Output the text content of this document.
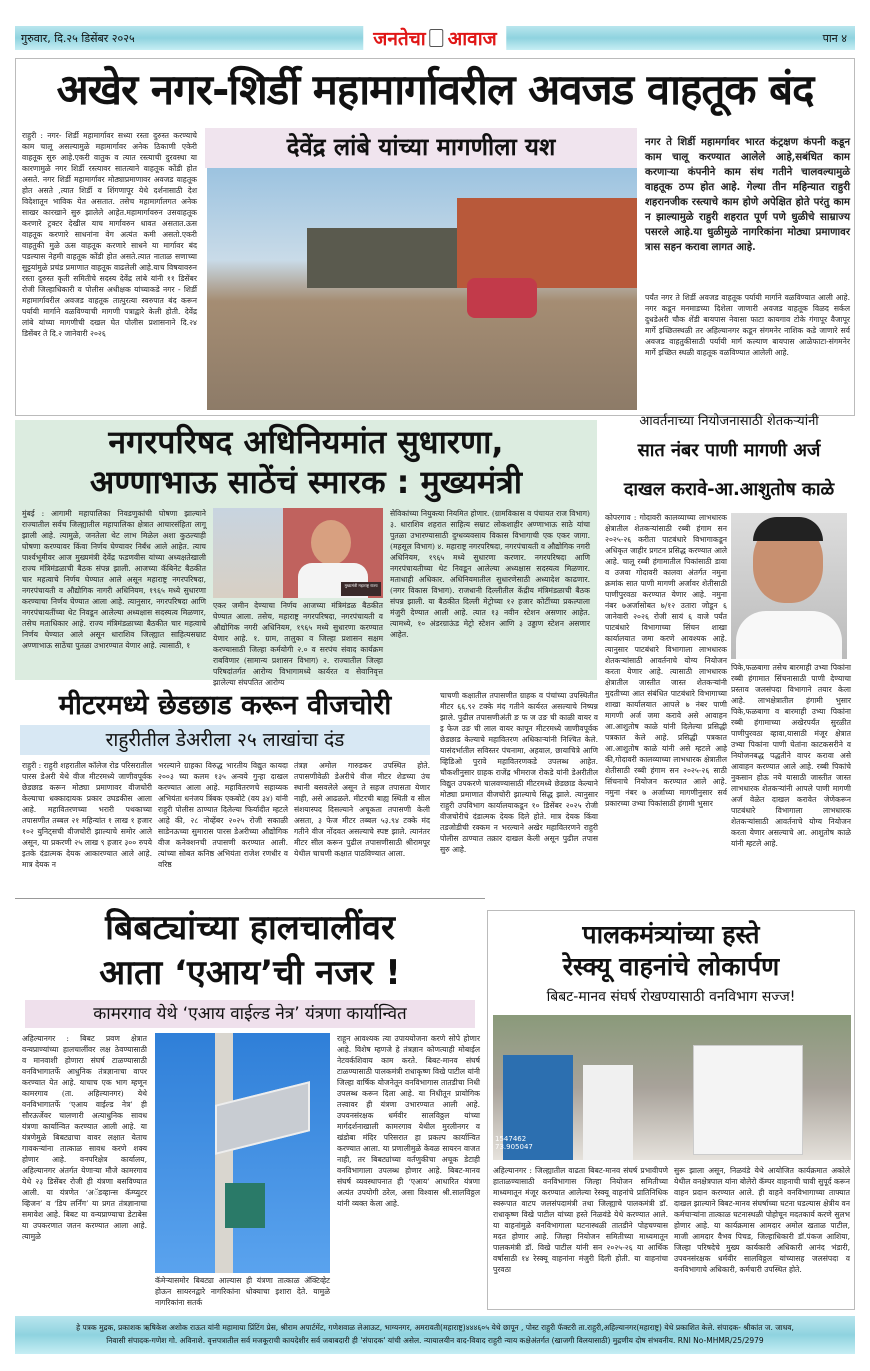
गुरुवार, दि.२५ डिसेंबर २०२५	जनतेचा आवाज	पान ४
अखेर नगर-शिर्डी महामार्गावरील अवजड वाहतूक बंद
राहुरी : नगर- शिर्डी महामार्गावर सध्या रस्ता दुरुस्त करण्याचे काम चालू असल्यामुळे महामार्गावर अनेक ठिकाणी एकेरी वाहतूक सुरु आहे.एकरी वातुक व त्यात रस्त्याची दुरवस्था या कारणामुळे नगर शिर्डी रस्त्यावर सातत्याने वाहतूक कोंडी होत असते. नगर शिर्डी महामार्गावर मोठ्याप्रमाणावर अवजड वाहतूक होत असते ,त्यात शिर्डी व शिंगणापूर येथे दर्शनासाठी देश विदेशातून भाविक येत असतात. तसेच महामार्गालगत अनेक साखर कारखाने सुरु झालेले आहेत.महामार्गावरुन उसवाहतूक करणारे ट्रक्टर देखील याच मार्गावरुन धावत असतात.ऊस वाहतूक करणारे साधनांना वेग अत्यंत कमी असतो.एकरी वाहतुकी मुळे ऊस वाहतूक करणारे साधने या मार्गावर बंद पडल्यास नेहमी वाहतूक कोंडी होत असते.त्यात नाताळ सणाच्या सुट्टयांमुळे प्रचंड प्रमाणात वाहतूक वाढलेली आहे.याच विषयावरुन रस्ता दुरुस्त कृती समितीचे सदस्य देवेंद्र लांबे यांनी ११ डिसेंबर रोजी जिल्हाधिकारी व पोलीस अधीक्षक यांच्याकडे नगर - शिर्डी महामार्गावरील अवजड वाहतूक तात्पुरत्या स्वरुपात बंद करून पर्यायी मार्गाने वळविण्याची मागणी पत्राद्वारे केली होती. देवेंद्र लांबे यांच्या मागणीची दखल घेत पोलीस प्रशासनाने दि.२४ डिसेंबर ते दि.२ जानेवारी २०२६
देवेंद्र लांबे यांच्या मागणीला यश	नगर ते शिर्डी महामर्गावर भारत कंट्रक्षण कंपनी कडून काम चालू करण्यात आलेले आहे,सबंधित काम करणाऱ्या कंपनीने काम संथ गतीने चालवल्यामुळे वाहतूक ठप्प होत आहे. गेल्या तीन महिन्यात राहुरी शहरानजीक रस्त्याचे काम होणे अपेक्षित होते परंतु काम न झाल्यामुळे राहुरी शहरात पूर्ण पणे धुळीचे साम्राज्य पसरले आहे.या धुळीमुळे नागरिकांना मोठ्या प्रमाणावर त्रास सहन करावा लागत आहे.
पर्यंत नगर ते शिर्डी अवजड वाहतूक पर्यायी मार्गाने वळविण्यात आली आहे. नगर कडून मनमाडच्या दिशेला जाणारी अवजड वाहतूक विळद सर्कल दुधडेअरी चौक शेंडी बायपास नेवासा फाटा कायगाव टोके गंगापूर वैजापूर मार्गे इच्छितस्थळी तर अहिल्यानगर कडून संगमनेर नाशिक कडे जाणारे सर्व अवजड वाहतुकीसाठी पर्यायी मार्ग कल्याण बायपास आळेफाटा-संगमनेर मार्गे इच्छित स्थळी वाहतूक वळविण्यात आलेली आहे.
नगरपरिषद अधिनियमांत सुधारणा,
अण्णाभाऊ साठेंचं स्मारक : मुख्यमंत्री
मुंबई : आगामी महापालिका निवडणुकांची घोषणा झाल्याने राज्यातील सर्वच जिल्ह्यातील महापालिका क्षेत्रात आचारसंहिता लागू झाली आहे. त्यामुळे, जनतेला थेट लाभ मिळेल अशा कुठल्याही घोषणा करण्यावर किंवा निर्णय घेण्यावर निर्बंध आले आहेत. त्याच पार्श्वभूमीवर आज मुख्यमंत्री देवेंद्र फडणवीस यांच्या अध्यक्षतेखाली राज्य मंत्रिमंडळाची बैठक संपन्न झाली. आजच्या कॅबिनेट बैठकीत चार महत्वाचे निर्णय घेण्यात आले असून महाराष्ट्र नगरपरिषदा, नगरपंचायती व औद्योगिक नागरी अधिनियम, १९६५ मध्ये सुधारणा करण्याचा निर्णय घेण्यात आला आहे. त्यानुसार, नगरपरिषदा आणि नगरपंचायतींच्या थेट निवडून आलेल्या अध्यक्षास सदस्यत्व मिळणार, तसेच मताधिकार आहे. राज्य मंत्रिमंडळाच्या बैठकीत चार महत्वाचे निर्णय घेण्यात आले असून धाराशिव जिल्ह्यात साहित्यसम्राट अण्णाभाऊ साठेंचा पुतळा उभारण्यात येणार आहे. त्यासाठी, १
मुख्यमंत्री महाराष्ट्र राज्य
एकर जमीन देण्याचा निर्णय आजच्या मंत्रिमंडळ बैठकीत घेण्यात आला. तसेच, महाराष्ट्र नगरपरिषदा, नगरपंचायती व औद्योगिक नगरी अधिनियम, १९६५ मध्ये सुधारणा करण्यात येणार आहे. १. ग्राम, तालुका व जिल्हा प्रशासन सक्षम करण्यासाठी जिल्हा कर्मयोगी २.० व सरपंच संवाद कार्यक्रम राबविणार (सामान्य प्रशासन विभाग) २. राज्यातील जिल्हा परिषदांतर्गत आरोग्य विभागामध्ये कार्यरत व सेवानिवृत्त झालेल्या संघपतित आरोग्य
सेविकांच्या नियुक्त्या नियमित होणार. (ग्रामविकास व पंचायत राज विभाग) ३. धाराशिव शहरात साहित्य सम्राट लोकशाहीर अण्णाभाऊ साठे यांचा पुतळा उभारण्यासाठी दुग्धव्यवसाय विकास विभागाची एक एकर जागा. (महसूल विभाग) ४. महाराष्ट्र नगरपरिषदा, नगरपंचायती व औद्योगिक नगरी अधिनियम, १९६५ मध्ये सुधारणा करणार. नगरपरिषदा आणि नगरपंचायतीच्या थेट निवडून आलेल्या अध्यक्षास सदस्यत्व मिळणार. मताधाही अधिकार. अधिनियमातील सुधारणेसाठी अध्यादेश काढणार. (नगर विकास विभाग). राजधानी दिल्लीतील केंद्रीय मंत्रिमंडळाची बैठक संपन्न झाली. या बैठकीत दिल्ली मेट्रोच्या १२ हजार कोटींच्या प्रकल्पाला मंजुरी देण्यात आली आहे. त्यात १३ नवीन स्टेशन असणार आहेत. त्यामध्ये, १० अंडरग्राऊंड मेट्रो स्टेशन आणि ३ उड्डाण स्टेशन असणार आहेत.
आवर्तनाच्या नियोजनासाठी शेतकऱ्यांनी
सात नंबर पाणी मागणी अर्ज
दाखल करावे-आ.आशुतोष काळे
कोपरगाव : गोदावरी कालव्याच्या लाभधारक क्षेत्रातील शेतकऱ्यांसाठी रब्बी हंगाम सन २०२५-२६ करीता पाटबंधारे विभागाकडून अधिकृत जाहीर प्रगटन प्रसिद्ध करण्यात आले आहे. चालू रब्बी हंगामातील पिकांसाठी डावा व उजवा गोदावरी कालवा अंतर्गत नमुना क्रमांक सात पाणी मागणी अर्जावर शेतीसाठी पाणीपुरवठा करण्यात येणार आहे. नमुना नंबर ७अर्जासोबत ७/१२ उतारा जोडून ६ जानेवारी २०२६ रोजी सायं ६ वाजे पर्यंत पाटबंधारे विभागाच्या सिंचन शाखा कार्यालयात जमा करणे आवश्यक आहे. त्यानुसार पाटबंधारे विभागाला लाभधारक शेतकऱ्यांसाठी आवर्तनाचे योग्य नियोजन करता येणार आहे. त्यासाठी लाभधारक क्षेत्रातील जास्तीत जास्त शेतकऱ्यांनी मुदतीच्या आत संबंधित पाटबंधारे विभागाच्या शाखा कार्यालयात आपले ७ नंबर पाणी मागणी अर्ज जमा करावे असे आवाहन आ.आशुतोष काळे यांनी दिलेल्या प्रसिद्धी पत्रकात केले आहे. प्रसिद्धी पत्रकात आ.आशुतोष काळे यांनी असे म्हटले आहे की,गोदावरी कालव्याच्या लाभधारक क्षेत्रातील शेतीसाठी रब्बी हंगाम सन २०२५-२६ साठी सिंचनाचे नियोजन करण्यात आले आहे. नमुना नंबर ७ अर्जाच्या मागणीनुसार सर्व प्रकारच्या उभ्या पिकांसाठी हंगामी भुसार
पिके,फळबागा तसेच बारमाही उभ्या पिकांना रब्बी हंगामात सिंचनासाठी पाणी देण्याचा प्रस्ताव जलसंपदा विभागाने तयार केला आहे. लाभक्षेत्रातील हंगामी भुसार पिके,फळबागा व बारमाही उभ्या पिकांना रब्बी हंगामाच्या अखेरपर्यंत सुरळीत पाणीपुरवठा व्हावा,यासाठी मंजूर क्षेत्रात उभ्या पिकांना पाणी घेतांना काटकसरीने व नियोजनबद्ध पद्धतीने वापर करावा असे आवाहन करण्यात आले आहे. रब्बी पिकांचे नुकसान होऊ नये यासाठी जास्तीत जास्त लाभधारक शेतकऱ्यांनी आपले पाणी मागणी अर्ज वेळेत दाखल करावेत जेणेकरून पाटबंधारे विभागाला लाभधारक शेतकऱ्यांसाठी आवर्तनाचे योग्य नियोजन करता येणार असल्याचे आ. आशुतोष काळे यांनी म्हटले आहे.
मीटरमध्ये छेडछाड करून वीजचोरी
राहुरीतील डेअरीला २५ लाखांचा दंड
राहुरी : राहुरी शहरातील कॉलेज रोड परिसरातील पारस डेअरी येथे वीज मीटरमध्ये जाणीवपूर्वक छेडछाड करून मोठ्या प्रमाणावर वीजचोरी केल्याचा धक्कादायक प्रकार उघडकीस आला आहे. महावितरणच्या भरारी पथकाच्या तपासणीत तब्बल २१ महिन्यांत १ लाख १ हजार १०२ युनिट्सची वीजचोरी झाल्याचे समोर आले असून, या प्रकरणी २५ लाख ९ हजार ३०० रुपये इतके दंडात्मक देयक आकारण्यात आले आहे. मात्र देयक न
भरल्याने ग्राहका विरुद्ध भारतीय विद्युत कायदा २००३ च्या कलम १३५ अन्वये गुन्हा दाखल करण्यात आला आहे. महावितरणचे सहाय्यक अभियंता धनंजय त्रिंबक एकबोटे (वय ३४) यांनी राहुरी पोलीस ठाण्यात दिलेल्या फिर्यादीत म्हटले आहे की, २८ नोव्हेंबर २०२५ रोजी सकाळी साडेनऊच्या सुमारास पारस डेअरीच्या औद्योगिक वीज कनेक्शनची तपासणी करण्यात आली. त्यांच्या सोबत कनिष्ठ अभियंता राजेश रणधीर व वरिष्ठ
तंत्रज्ञ अमोल गारुडकर उपस्थित होते. तपासणीवेळी डेअरीचे वीज मीटर शेडच्या उंच स्थानी बसवलेले असून ते सहज तपासता येणार नाही, असे आढळले. मीटरची बाह्य स्थिती व सील संशयास्पद दिसल्याने अचूकता तपासणी केली असता, ३ फेज मीटर तब्बल ५३.९४ टक्के मंद गतीने वीज नोंदवत असल्याचे स्पष्ट झाले. त्यानंतर मीटर सील करून पुढील तपासणीसाठी श्रीरामपूर येथील चाचणी कक्षात पाठविण्यात आला.
चाचणी कक्षातील तपासणीत ग्राहक व पंचांच्या उपस्थितीत मीटर ६६.९२ टक्के मंद गतीने कार्यरत असल्याचे निष्पन्न झाले. पुढील तपासणीअंती ङ फ ज उङ ची काळी वायर व इ फेज उङ ची लाल वायर कापून मीटरमध्ये जाणीवपूर्वक छेडछाड केल्याचे महावितरण अधिकाऱ्यांनी निश्चित केले. यासंदर्भातील सविस्तर पंचनामा, अहवाल, छायाचित्रे आणि व्हिडिओ पुरावे महावितरणकडे उपलब्ध आहेत. चौकशीनुसार ग्राहक राजेंद्र भीमराज रोकडे यांनी डेअरीतील विद्युत उपकरणे चालवण्यासाठी मीटरमध्ये छेडछाड केल्याने मोठ्या प्रमाणात वीजचोरी झाल्याचे सिद्ध झाले. त्यानुसार राहुरी उपविभाग कार्यालयाकडून १० डिसेंबर २०२५ रोजी वीजचोरीचे दंडात्मक देयक दिले होते. मात्र देयक किंवा तडजोडीची रक्कम न भरल्याने अखेर महावितरणने राहुरी पोलीस ठाण्यात तक्रार दाखल केली असून पुढील तपास सुरु आहे.
बिबट्यांच्या हालचालींवर
आता ‘एआय’ची नजर !
कामरगाव येथे ‘एआय वाईल्ड नेत्र’ यंत्रणा कार्यान्वित
अहिल्यानगर : बिबट प्रवण क्षेत्रात वन्यप्राण्यांच्या हालचालींवर लक्ष ठेवण्यासाठी व मानवाशी होणारा संघर्ष टाळण्यासाठी वनविभागातर्फे आधुनिक तंत्रज्ञानाचा वापर करण्यात येत आहे. याचाच एक भाग म्हणून कामरगाव (ता. अहिल्यानगर) येथे वनविभागातर्फे ‘एआय वाईल्ड नेत्र’ ही सौरऊर्जेवर चालणारी अत्याधुनिक सावध यंत्रणा कार्यान्वित करण्यात आली आहे. या यंत्रणेमुळे बिबट्याचा वावर लक्षात येताच गावकऱ्यांना तात्काळ सावध करणे शक्य होणार आहे. वनपरिक्षेत्र कार्यालय, अहिल्यानगर अंतर्गत येणाऱ्या मौजे कामरगाव येथे २३ डिसेंबर रोजी ही यंत्रणा बसविण्यात आली. या यंत्रणेत ‘अॅडव्हान्स कॅम्प्युटर व्हिजन’ व ‘डिप लर्निंग’ या प्रगत तंत्रज्ञानाचा समावेश आहे. बिबट या वन्यप्राण्याचा डेटाबेस या उपकरणात जतन करण्यात आला आहे. त्यामुळे
कॅमेऱ्यासमोर बिबट्या आल्यास ही यंत्रणा तात्काळ ॲक्टिव्हेट होऊन सायरनद्वारे नागरिकांना धोक्याचा इशारा देते. यामुळे नागरिकांना सतर्क
राहून आवश्यक त्या उपाययोजना करणे सोपे होणार आहे. विशेष म्हणजे हे तंत्रज्ञान कोणत्याही मोबाईल नेटवर्कशिवाय काम करते. बिबट-मानव संघर्ष टाळण्यासाठी पालकमंत्री राधाकृष्ण विखे पाटील यांनी जिल्हा वार्षिक योजनेतून वनविभागास तातडीचा निधी उपलब्ध करून दिला आहे. या निधीतून प्रायोगिक तत्त्वावर ही यंत्रणा उभारण्यात आली आहे. उपवनसंरक्षक धर्मवीर सालविठ्ठल यांच्या मार्गदर्शनाखाली कामरगाव येथील मुरलीनगर व खंडोबा मंदिर परिसरात हा प्रकल्प कार्यान्वित करण्यात आला. या प्रणालीमुळे केवळ सायरन वाजत नाही, तर बिबट्यांच्या वर्तणुकीचा अचूक डेटाही वनविभागाला उपलब्ध होणार आहे. बिबट-मानव संघर्ष व्यवस्थापनात ही ‘एआय’ आधारित यंत्रणा अत्यंत उपयोगी ठरेल, असा विश्वास श्री.सालविठ्ठल यांनी व्यक्त केला आहे.
पालकमंत्र्यांच्या हस्ते
रेस्क्यू वाहनांचे लोकार्पण
बिबट-मानव संघर्ष रोखण्यासाठी वनविभाग सज्ज!
1547462 73.905047
अहिल्यानगर : जिल्ह्यातील वाढता बिबट-मानव संघर्ष प्रभावीपणे हाताळण्यासाठी वनविभागास जिल्हा नियोजन समितीच्या माध्यमातून मंजूर करण्यात आलेल्या रेस्क्यू वाहनांचे प्रातिनिधिक स्वरूपात वाटप जलसंपदामंत्री तथा जिल्ह्याचे पालकमंत्री डॉ. राधाकृष्ण विखे पाटील यांच्या हस्ते निळवंडे येथे करण्यात आले. या वाहनांमुळे वनविभागाला घटनास्थळी तातडीने पोहचण्यास मदत होणार आहे. जिल्हा नियोजन समितीच्या माध्यमातून पालकमंत्री डॉ. विखे पाटील यांनी सन २०२५-२६ या आर्थिक वर्षासाठी १४ रेस्क्यू वाहनांना मंजुरी दिली होती. या वाहनांचा पुरवठा
सुरू झाला असून, निळवंडे येथे आयोजित कार्यक्रमात अकोले येथील वनक्षेत्रपाल यांना बोलेरो कॅम्पर वाहनाची चावी सुपूर्द करून वाहन प्रदान करण्यात आले. ही वाहने वनविभागाच्या ताफ्यात दाखल झाल्याने बिबट-मानव संघर्षाच्या घटना घडल्यास क्षेत्रीय वन कर्मचाऱ्यांना तात्काळ घटनास्थळी पोहोचून मदतकार्य करणे सुलभ होणार आहे. या कार्यक्रमास आमदार अमोल खताळ पाटील, माजी आमदार वैभव पिचड, जिल्हाधिकारी डॉ.पंकज आशिया, जिल्हा परिषदेचे मुख्य कार्यकारी अधिकारी आनंद भंडारी, उपवनसंरक्षक धर्मवीर सालविठ्ठल यांच्यासह जलसंपदा व वनविभागाचे अधिकारी, कर्मचारी उपस्थित होते.
हे पत्रक मुद्रक, प्रकाशक ऋषिकेश अशोक राऊत यांनी महामाया प्रिंटिंग प्रेस, श्रीराम अपार्टमेंट, गणेशवाळ लेआऊट, भाग्यनगर, अमरावती(महाराष्ट्र)४४४६०५ येथे छापून , पोस्ट राहुरी फॅक्टरी ता.राहुरी,अहिल्यानगर(महाराष्ट्र) येथे प्रकाशित केले. संपादक- श्रीकांत ज. जाधव,
निवासी संपादक-गणेश गो. अविनाशे. वृत्तपत्रातील सर्व मजकूराची कायदेशीर सर्व जबाबदारी ही 'संपादक' यांची असेल. न्यायालयीन वाद-विवाद राहुरी न्याय कक्षेअंतर्गत (खाजगी विलयासाठी) मुद्रणीय दोष संभवनीय. RNI No-MHMR/25/2979
